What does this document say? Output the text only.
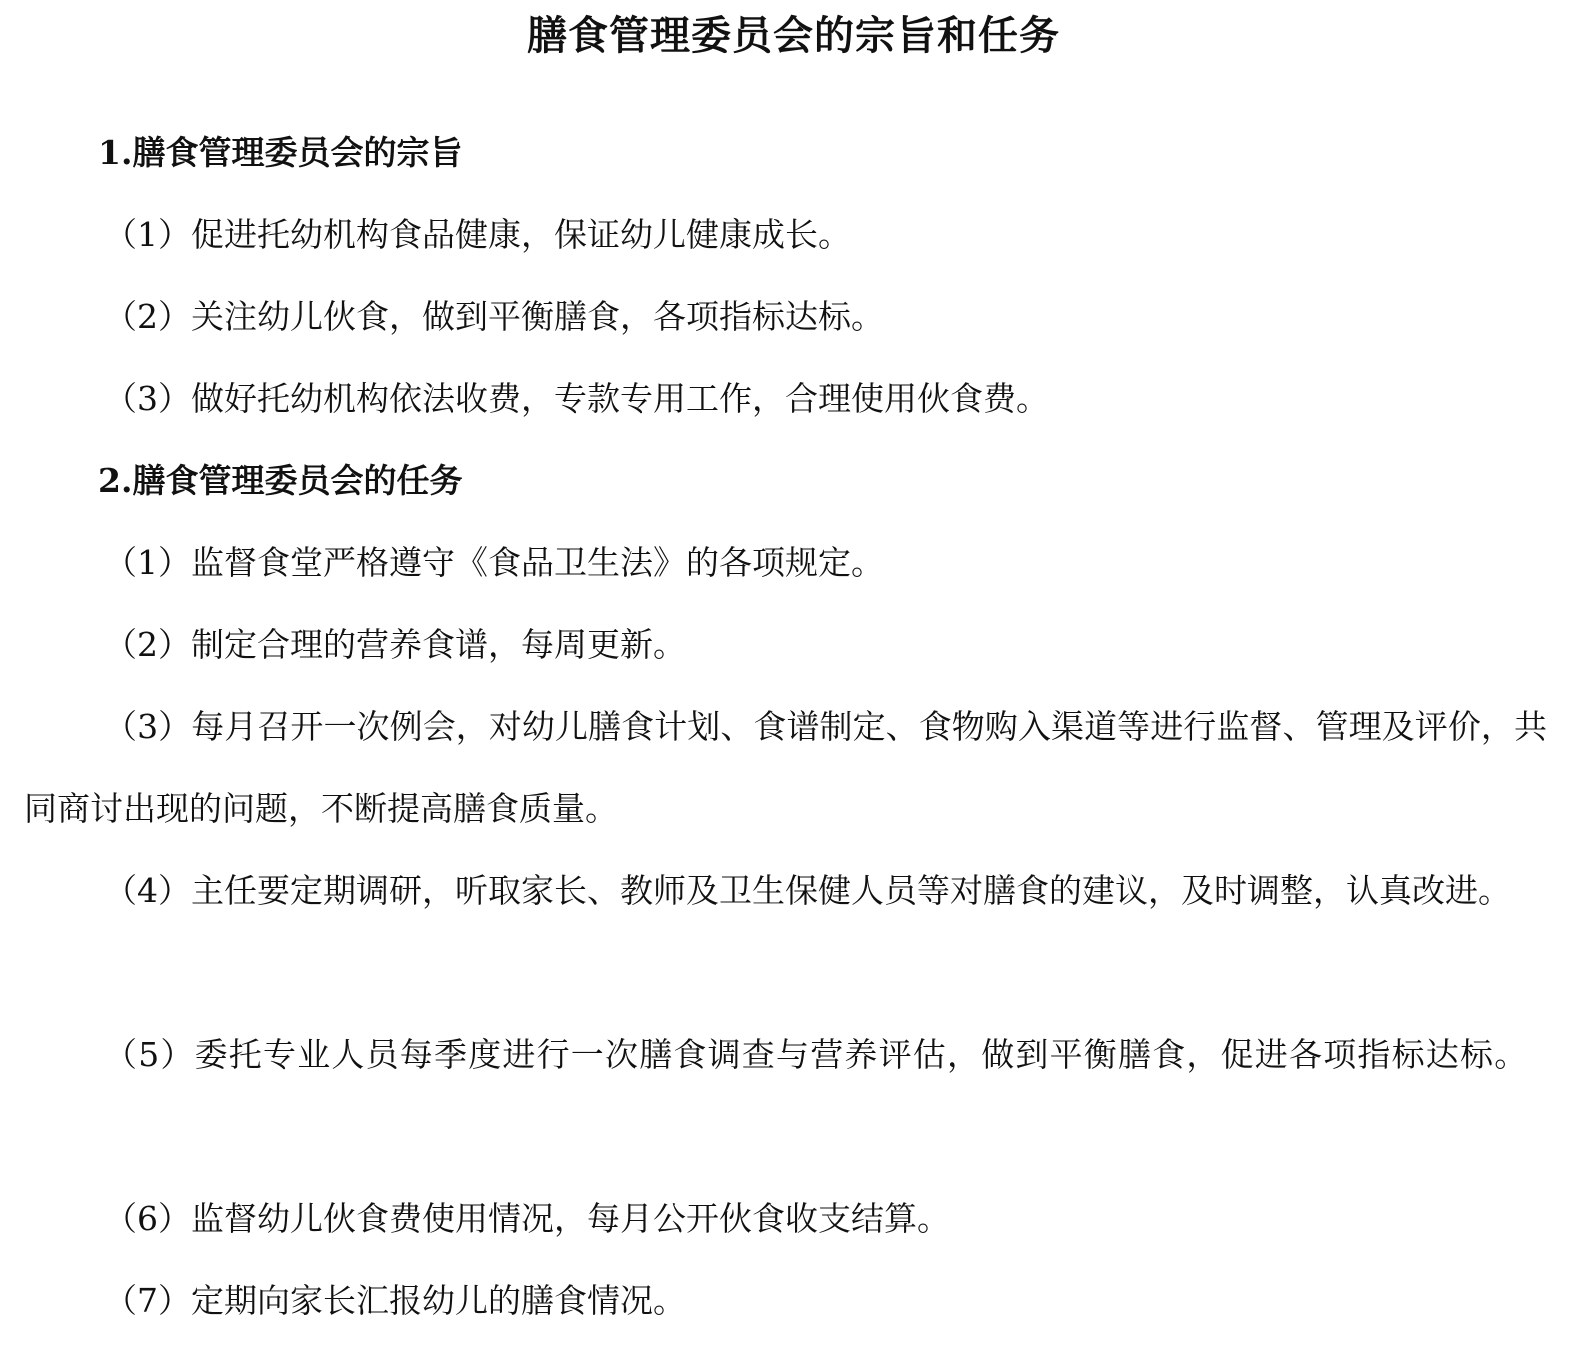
膳食管理委员会的宗旨和任务
1.膳食管理委员会的宗旨
（1）促进托幼机构食品健康，保证幼儿健康成长。
（2）关注幼儿伙食，做到平衡膳食，各项指标达标。
（3）做好托幼机构依法收费，专款专用工作，合理使用伙食费。
2.膳食管理委员会的任务
（1）监督食堂严格遵守《食品卫生法》的各项规定。
（2）制定合理的营养食谱，每周更新。
（3）每月召开一次例会，对幼儿膳食计划、食谱制定、食物购入渠道等进行监督、管理及评价，共同商讨出现的问题，不断提高膳食质量。
（4）主任要定期调研，听取家长、教师及卫生保健人员等对膳食的建议，及时调整，认真改进。
（5）委托专业人员每季度进行一次膳食调查与营养评估，做到平衡膳食，促进各项指标达标。
（6）监督幼儿伙食费使用情况，每月公开伙食收支结算。
（7）定期向家长汇报幼儿的膳食情况。
